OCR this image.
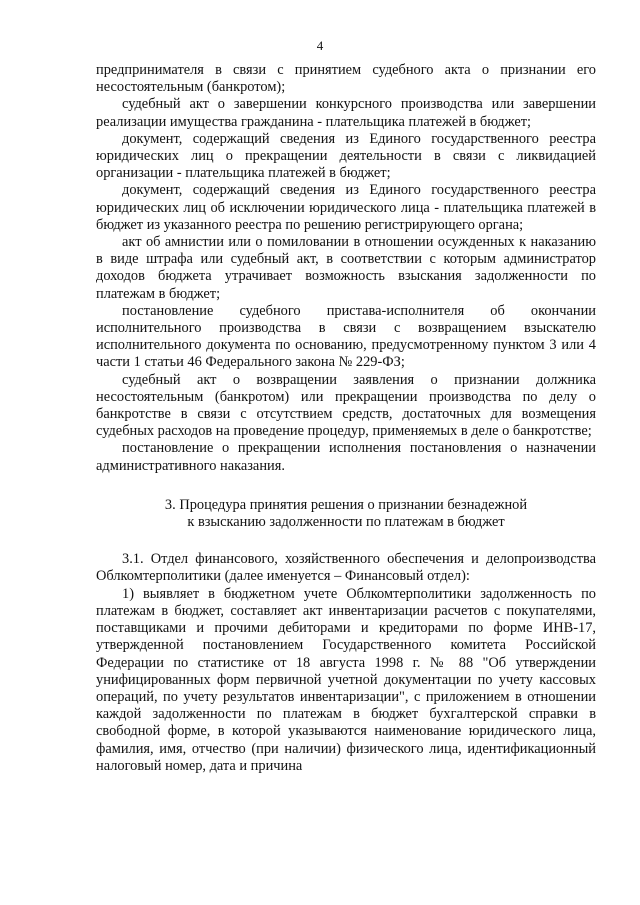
4

предпринимателя в связи с принятием судебного акта о признании его несостоятельным (банкротом);

судебный акт о завершении конкурсного производства или завершении реализации имущества гражданина - плательщика платежей в бюджет;

документ, содержащий сведения из Единого государственного реестра юридических лиц о прекращении деятельности в связи с ликвидацией организации - плательщика платежей в бюджет;

документ, содержащий сведения из Единого государственного реестра юридических лиц об исключении юридического лица - плательщика платежей в бюджет из указанного реестра по решению регистрирующего органа;

акт об амнистии или о помиловании в отношении осужденных к наказанию в виде штрафа или судебный акт, в соответствии с которым администратор доходов бюджета утрачивает возможность взыскания задолженности по платежам в бюджет;

постановление судебного пристава-исполнителя об окончании исполнительного производства в связи с возвращением взыскателю исполнительного документа по основанию, предусмотренному пунктом 3 или 4 части 1 статьи 46 Федерального закона № 229-ФЗ;

судебный акт о возвращении заявления о признании должника несостоятельным (банкротом) или прекращении производства по делу о банкротстве в связи с отсутствием средств, достаточных для возмещения судебных расходов на проведение процедур, применяемых в деле о банкротстве;

постановление о прекращении исполнения постановления о назначении административного наказания.

3. Процедура принятия решения о признании безнадежной
к взысканию задолженности по платежам в бюджет

3.1. Отдел финансового, хозяйственного обеспечения и делопроизводства Облкомтерполитики (далее именуется – Финансовый отдел):

1) выявляет в бюджетном учете Облкомтерполитики задолженность по платежам в бюджет, составляет акт инвентаризации расчетов с покупателями, поставщиками и прочими дебиторами и кредиторами по форме ИНВ-17, утвержденной постановлением Государственного комитета Российской Федерации по статистике от 18 августа 1998 г. № 88 "Об утверждении унифицированных форм первичной учетной документации по учету кассовых операций, по учету результатов инвентаризации", с приложением в отношении каждой задолженности по платежам в бюджет бухгалтерской справки в свободной форме, в которой указываются наименование юридического лица, фамилия, имя, отчество (при наличии) физического лица, идентификационный налоговый номер, дата и причина
